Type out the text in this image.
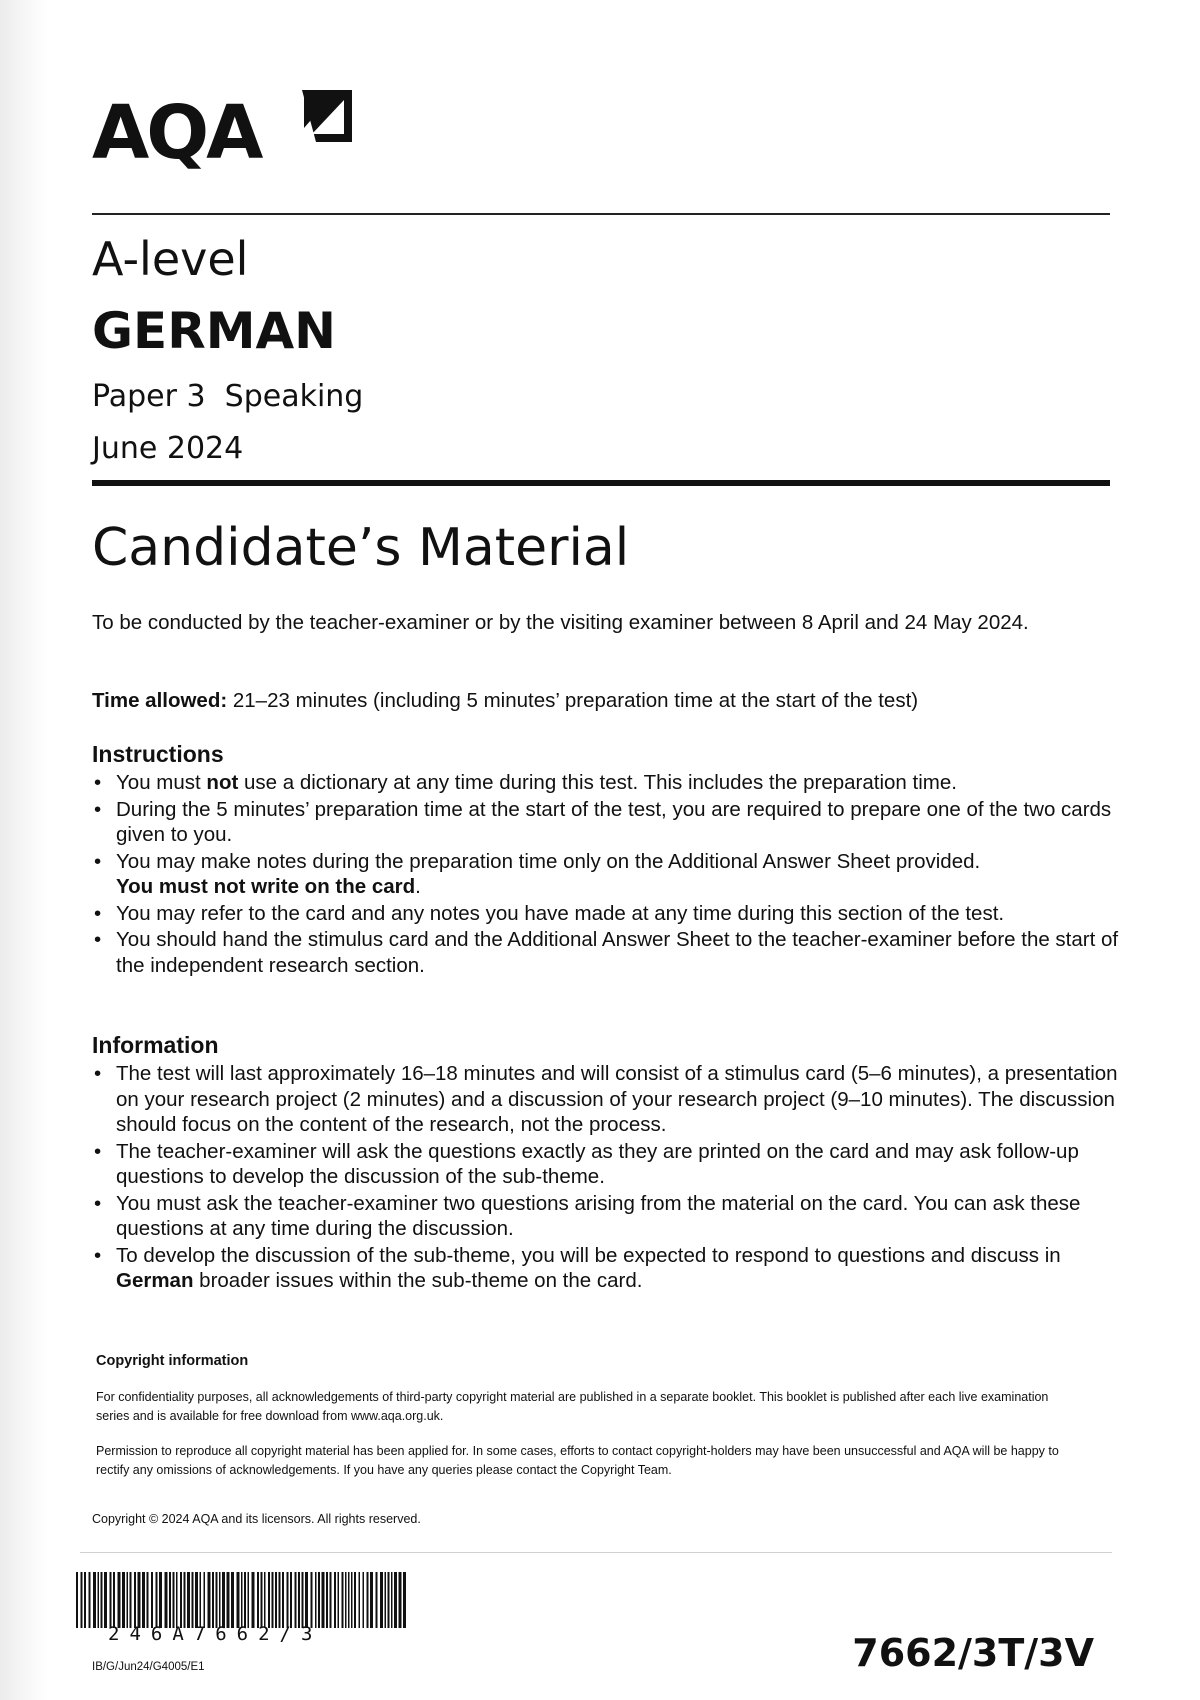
AQA
A-level
GERMAN
Paper 3  Speaking
June 2024
Candidate’s Material
To be conducted by the teacher-examiner or by the visiting examiner between 8 April and 24 May 2024.
Time allowed: 21–23 minutes (including 5 minutes’ preparation time at the start of the test)
Instructions
• You must not use a dictionary at any time during this test. This includes the preparation time.
• During the 5 minutes’ preparation time at the start of the test, you are required to prepare one of the two cards given to you.
• You may make notes during the preparation time only on the Additional Answer Sheet provided.
You must not write on the card.
• You may refer to the card and any notes you have made at any time during this section of the test.
• You should hand the stimulus card and the Additional Answer Sheet to the teacher-examiner before the start of the independent research section.
Information
• The test will last approximately 16–18 minutes and will consist of a stimulus card (5–6 minutes), a presentation on your research project (2 minutes) and a discussion of your research project (9–10 minutes). The discussion should focus on the content of the research, not the process.
• The teacher-examiner will ask the questions exactly as they are printed on the card and may ask follow-up questions to develop the discussion of the sub-theme.
• You must ask the teacher-examiner two questions arising from the material on the card. You can ask these questions at any time during the discussion.
• To develop the discussion of the sub-theme, you will be expected to respond to questions and discuss in German broader issues within the sub-theme on the card.
Copyright information
For confidentiality purposes, all acknowledgements of third-party copyright material are published in a separate booklet. This booklet is published after each live examination series and is available for free download from www.aqa.org.uk.
Permission to reproduce all copyright material has been applied for. In some cases, efforts to contact copyright-holders may have been unsuccessful and AQA will be happy to rectify any omissions of acknowledgements. If you have any queries please contact the Copyright Team.
Copyright © 2024 AQA and its licensors. All rights reserved.
246A7662/3
IB/G/Jun24/G4005/E1	7662/3T/3V
